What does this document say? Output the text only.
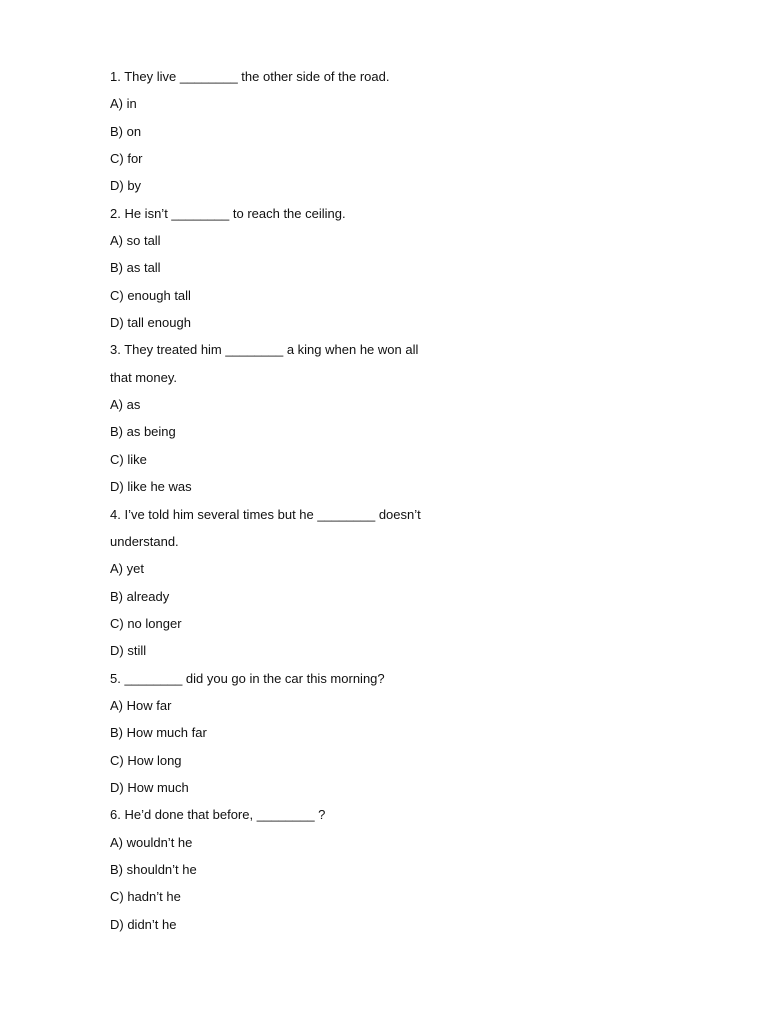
1. They live ________ the other side of the road.
A) in
B) on
C) for
D) by
2. He isn’t ________ to reach the ceiling.
A) so tall
B) as tall
C) enough tall
D) tall enough
3. They treated him ________ a king when he won all
that money.
A) as
B) as being
C) like
D) like he was
4. I’ve told him several times but he ________ doesn’t
understand.
A) yet
B) already
C) no longer
D) still
5. ________ did you go in the car this morning?
A) How far
B) How much far
C) How long
D) How much
6. He’d done that before, ________ ?
A) wouldn’t he
B) shouldn’t he
C) hadn’t he
D) didn’t he
